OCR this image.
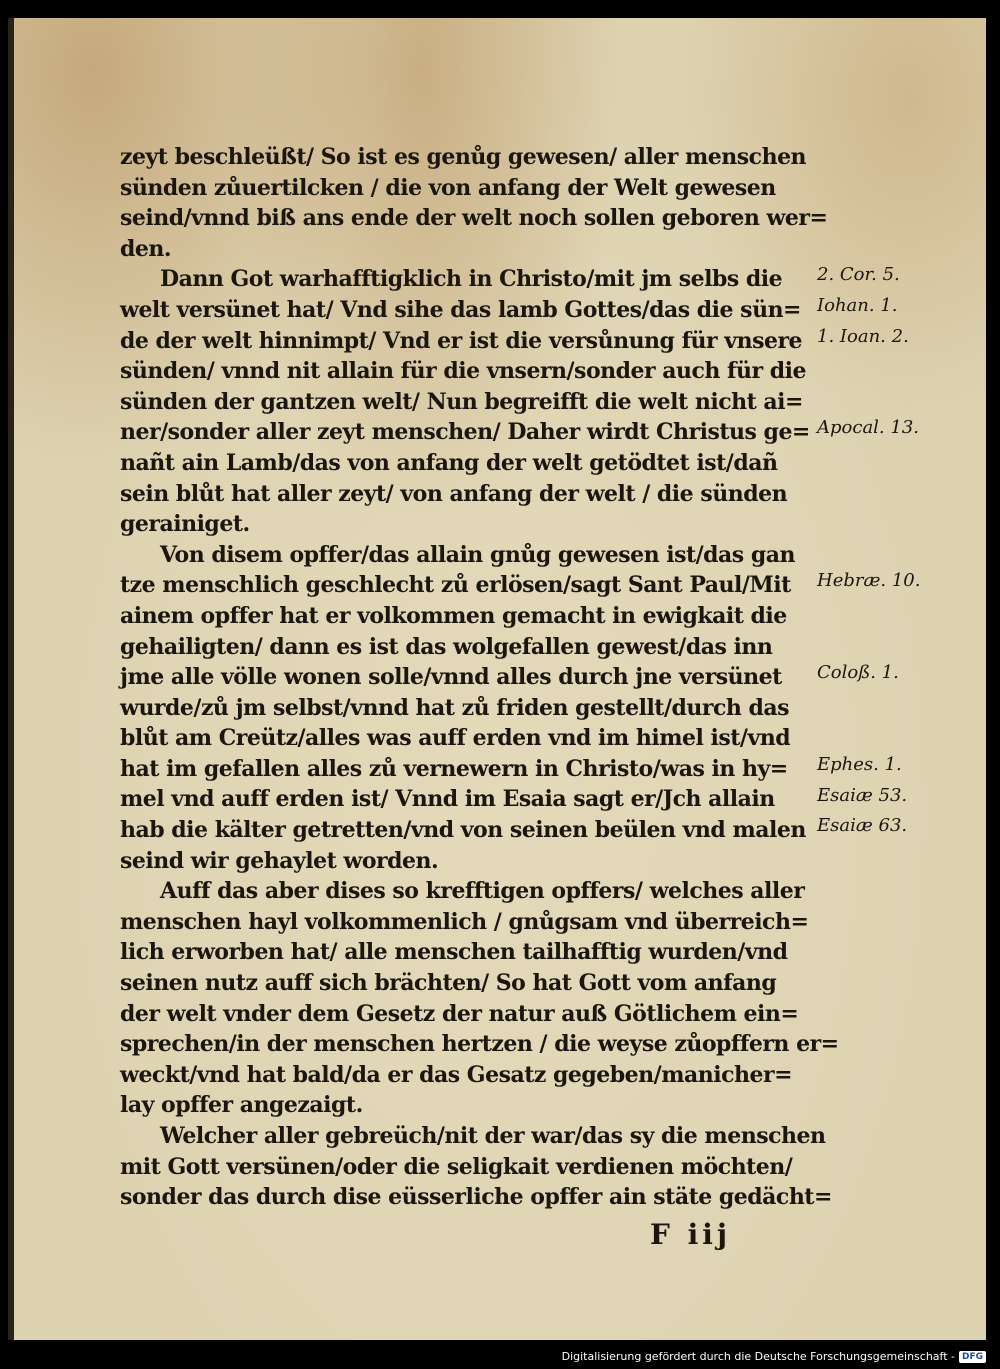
zeyt beschleüßt/ So ist es genůg gewesen/ aller menschen
sünden zůuertilcken / die von anfang der Welt gewesen
seind/vnnd biß ans ende der welt noch sollen geboren wer=
den.
Dann Got warhafftigklich in Christo/mit jm selbs die
welt versünet hat/ Vnd sihe das lamb Gottes/das die sün=
de der welt hinnimpt/ Vnd er ist die versůnung für vnsere
sünden/ vnnd nit allain für die vnsern/sonder auch für die
sünden der gantzen welt/ Nun begreifft die welt nicht ai=
ner/sonder aller zeyt menschen/ Daher wirdt Christus ge=
nañt ain Lamb/das von anfang der welt getödtet ist/dañ
sein blůt hat aller zeyt/ von anfang der welt / die sünden
gerainiget.
Von disem opffer/das allain gnůg gewesen ist/das gan
tze menschlich geschlecht zů erlösen/sagt Sant Paul/Mit
ainem opffer hat er volkommen gemacht in ewigkait die
gehailigten/ dann es ist das wolgefallen gewest/das inn
jme alle völle wonen solle/vnnd alles durch jne versünet
wurde/zů jm selbst/vnnd hat zů friden gestellt/durch das
blůt am Creütz/alles was auff erden vnd im himel ist/vnd
hat im gefallen alles zů vernewern in Christo/was in hy=
mel vnd auff erden ist/ Vnnd im Esaia sagt er/Jch allain
hab die kälter getretten/vnd von seinen beülen vnd malen
seind wir gehaylet worden.
Auff das aber dises so krefftigen opffers/ welches aller
menschen hayl volkommenlich / gnůgsam vnd überreich=
lich erworben hat/ alle menschen tailhafftig wurden/vnd
seinen nutz auff sich brächten/ So hat Gott vom anfang
der welt vnder dem Gesetz der natur auß Götlichem ein=
sprechen/in der menschen hertzen / die weyse zůopffern er=
weckt/vnd hat bald/da er das Gesatz gegeben/manicher=
lay opffer angezaigt.
Welcher aller gebreüch/nit der war/das sy die menschen
mit Gott versünen/oder die seligkait verdienen möchten/
sonder das durch dise eüsserliche opffer ain stäte gedächt=
2. Cor. 5.
Iohan. 1.
1. Ioan. 2.
Apocal. 13.
Hebræ. 10.
Coloß. 1.
Ephes. 1.
Esaiæ 53.
Esaiæ 63.
F iij
Digitalisierung gefördert durch die Deutsche Forschungsgemeinschaft - DFG
